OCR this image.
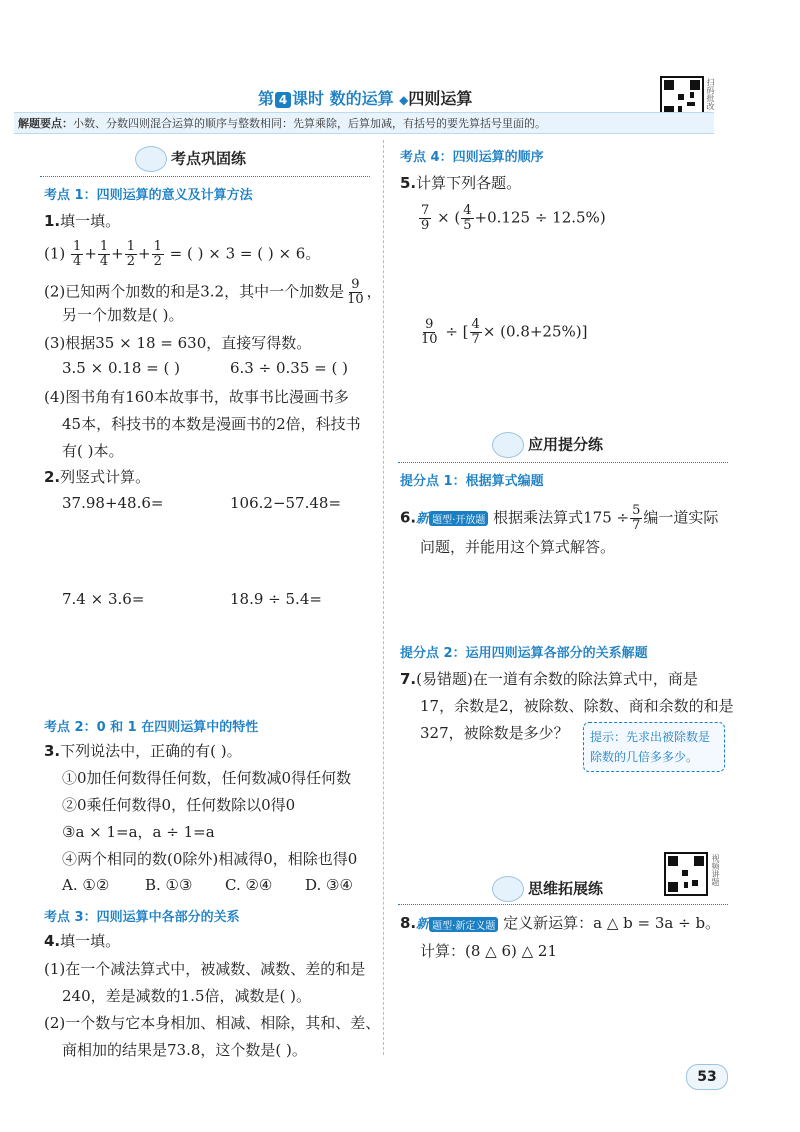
第 4 课时 数的运算 ◆四则运算	扫码批改
解题要点：小数、分数四则混合运算的顺序与整数相同：先算乘除，后算加减，有括号的要先算括号里面的。
考点巩固练
考点 1：四则运算的意义及计算方法
1.填一填。
$(1) \frac{1}{4} + \frac{1}{4} + \frac{1}{2} + \frac{1}{2}$ = ( ) × 3 = ( ) × 6。
(2)已知两个加数的和是3.2，其中一个加数是 $\frac{9}{10}$ ，
另一个加数是( )。
(3)根据35 × 18 = 630，直接写得数。
3.5 × 0.18 = ( )	6.3 ÷ 0.35 = ( )
(4)图书角有160本故事书，故事书比漫画书多
45本，科技书的本数是漫画书的2倍，科技书
有( )本。
2.列竖式计算。
37.98+48.6=	106.2−57.48=
7.4 × 3.6=	18.9 ÷ 5.4=
考点 2：0 和 1 在四则运算中的特性
3.下列说法中，正确的有( )。
①0加任何数得任何数，任何数减0得任何数
②0乘任何数得0，任何数除以0得0
③a × 1=a，a ÷ 1=a
④两个相同的数(0除外)相减得0，相除也得0
A. ①② B. ①③ C. ②④ D. ③④
考点 3：四则运算中各部分的关系
4.填一填。
(1)在一个减法算式中，被减数、减数、差的和是
240，差是减数的1.5倍，减数是( )。
(2)一个数与它本身相加、相减、相除，其和、差、
商相加的结果是73.8，这个数是( )。
考点 4：四则运算的顺序
5.计算下列各题。
$\frac{7}{9}$ × ( $\frac{4}{5} +0.125 \div 12.5\%$)
$\frac{9}{10}$ ÷ [ $\frac{4}{7} \times (0.8+25\%)$]
应用提分练
提分点 1：根据算式编题
6.新 题型·开放题 根据乘法算式$175 \div \frac{5}{7}$ 编一道实际
问题，并能用这个算式解答。
提分点 2：运用四则运算各部分的关系解题
7.(易错题)在一道有余数的除法算式中，商是
17，余数是2，被除数、除数、商和余数的和是
327，被除数是多少？ 提示：先求出被除数是
除数的几倍多多少。
思维拓展练
视频讲题
8.新 题型·新定义题 定义新运算：a △ b = 3a ÷ b。
计算：(8 △ 6) △ 21
53
